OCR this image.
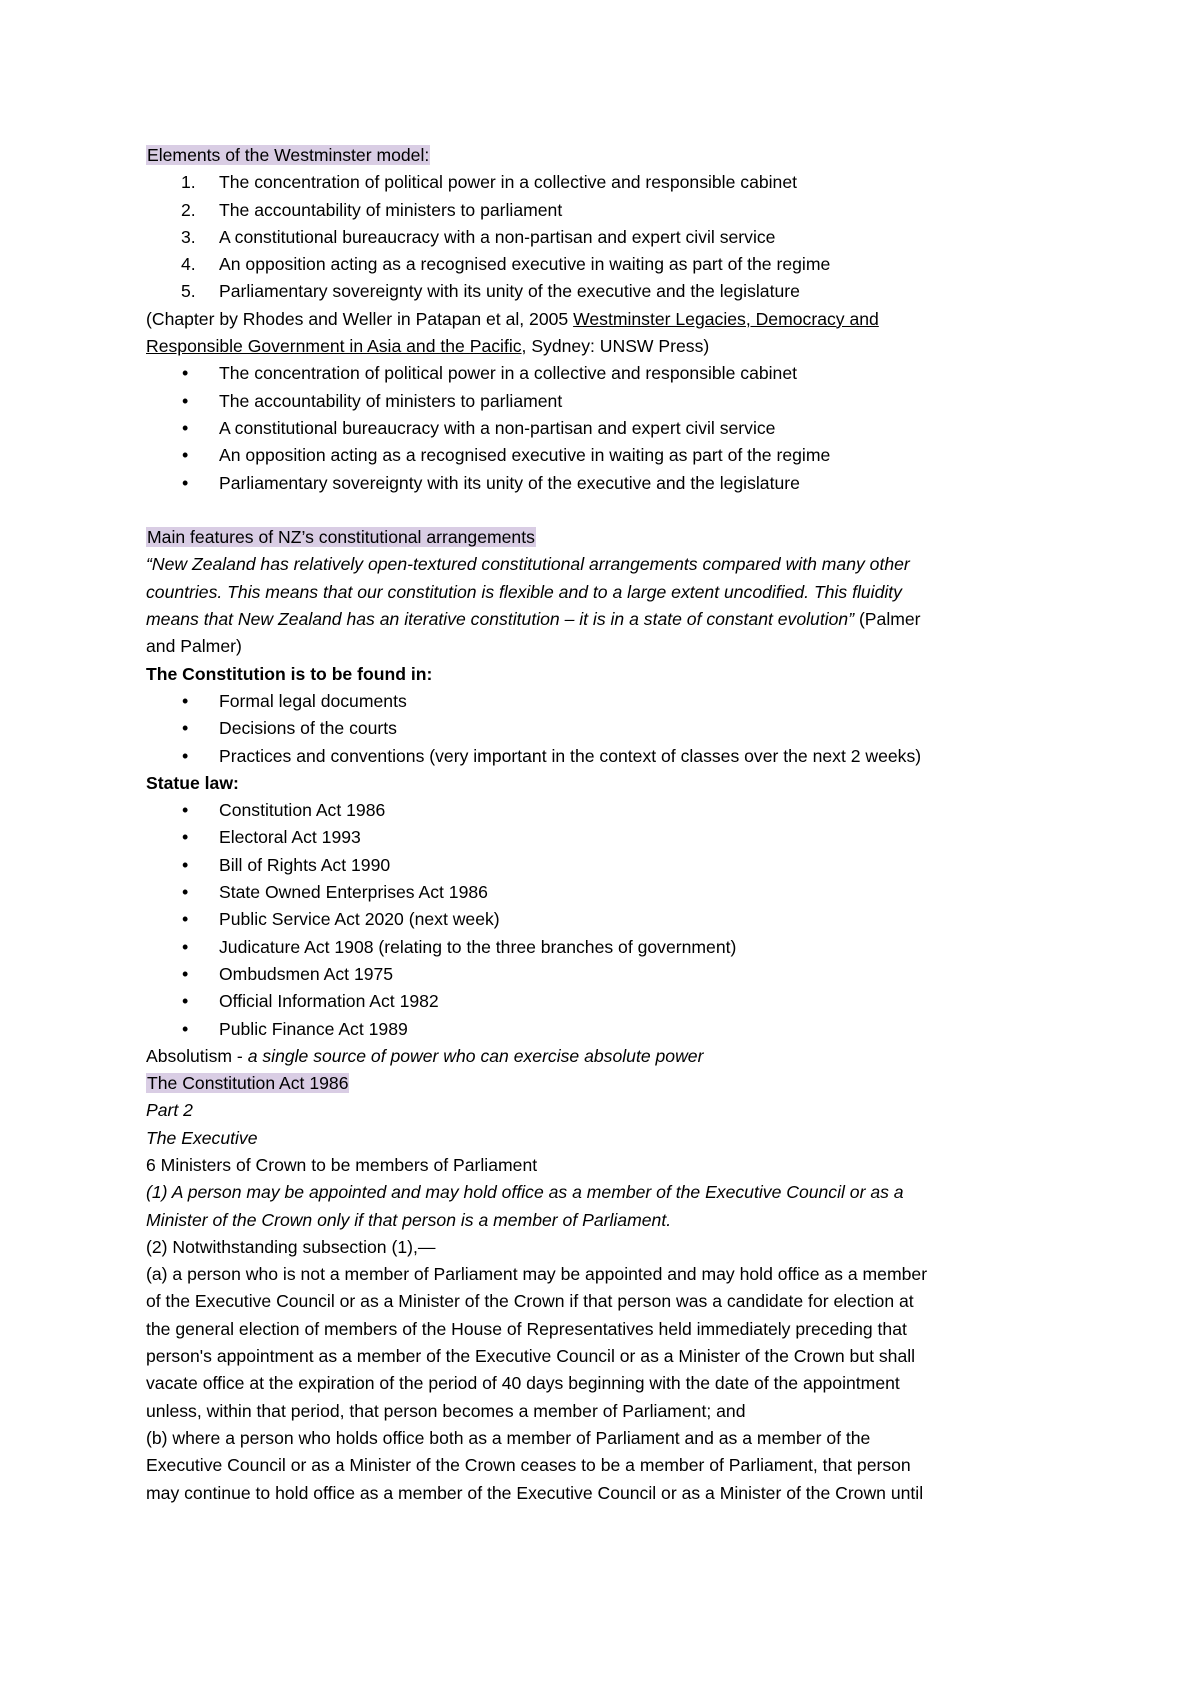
Elements of the Westminster model:
1. The concentration of political power in a collective and responsible cabinet
2. The accountability of ministers to parliament
3. A constitutional bureaucracy with a non-partisan and expert civil service
4. An opposition acting as a recognised executive in waiting as part of the regime
5. Parliamentary sovereignty with its unity of the executive and the legislature
(Chapter by Rhodes and Weller in Patapan et al, 2005 Westminster Legacies, Democracy and
Responsible Government in Asia and the Pacific, Sydney: UNSW Press)
• The concentration of political power in a collective and responsible cabinet
• The accountability of ministers to parliament
• A constitutional bureaucracy with a non-partisan and expert civil service
• An opposition acting as a recognised executive in waiting as part of the regime
• Parliamentary sovereignty with its unity of the executive and the legislature
Main features of NZ’s constitutional arrangements
“New Zealand has relatively open-textured constitutional arrangements compared with many other
countries. This means that our constitution is flexible and to a large extent uncodified. This fluidity
means that New Zealand has an iterative constitution – it is in a state of constant evolution” (Palmer
and Palmer)
The Constitution is to be found in:
• Formal legal documents
• Decisions of the courts
• Practices and conventions (very important in the context of classes over the next 2 weeks)
Statue law:
• Constitution Act 1986
• Electoral Act 1993
• Bill of Rights Act 1990
• State Owned Enterprises Act 1986
• Public Service Act 2020 (next week)
• Judicature Act 1908 (relating to the three branches of government)
• Ombudsmen Act 1975
• Official Information Act 1982
• Public Finance Act 1989
Absolutism - a single source of power who can exercise absolute power
The Constitution Act 1986
Part 2
The Executive
6 Ministers of Crown to be members of Parliament
(1) A person may be appointed and may hold office as a member of the Executive Council or as a
Minister of the Crown only if that person is a member of Parliament.
(2) Notwithstanding subsection (1),—
(a) a person who is not a member of Parliament may be appointed and may hold office as a member
of the Executive Council or as a Minister of the Crown if that person was a candidate for election at
the general election of members of the House of Representatives held immediately preceding that
person's appointment as a member of the Executive Council or as a Minister of the Crown but shall
vacate office at the expiration of the period of 40 days beginning with the date of the appointment
unless, within that period, that person becomes a member of Parliament; and
(b) where a person who holds office both as a member of Parliament and as a member of the
Executive Council or as a Minister of the Crown ceases to be a member of Parliament, that person
may continue to hold office as a member of the Executive Council or as a Minister of the Crown until
